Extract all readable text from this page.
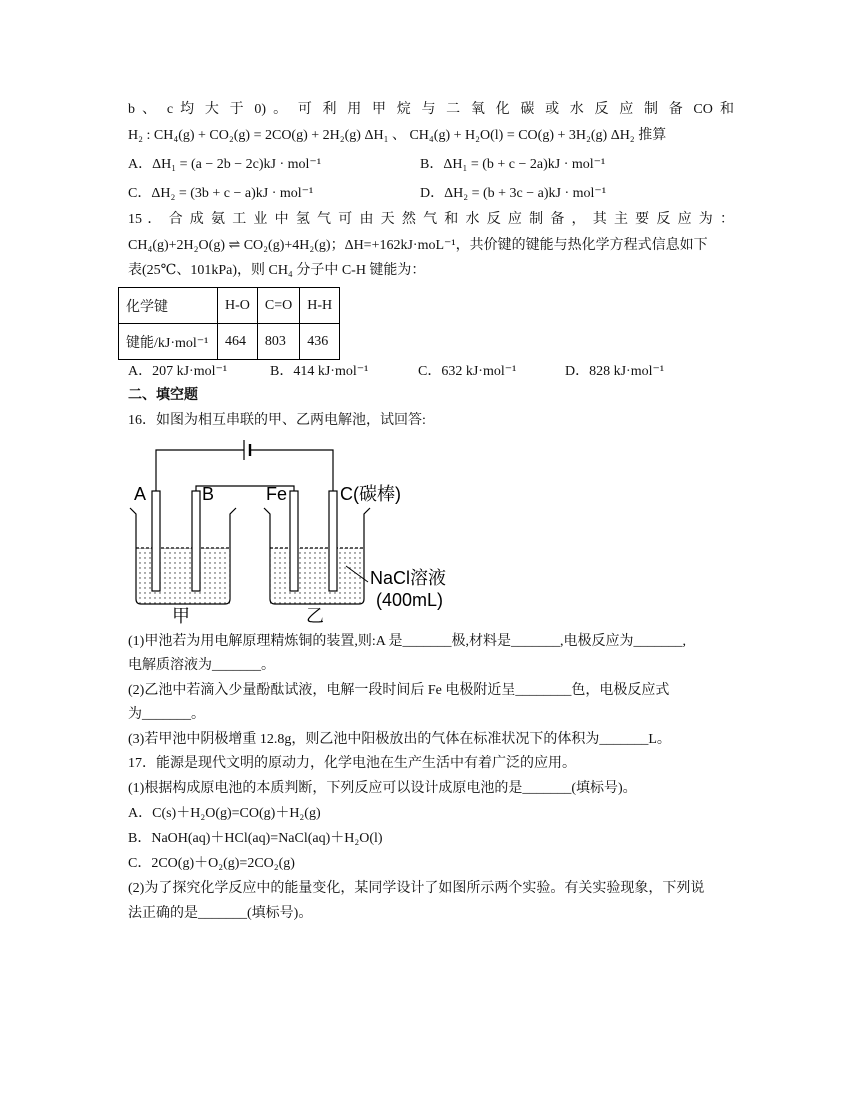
b 、 c 均 大 于 0) 。 可 利 用 甲 烷 与 二 氧 化 碳 或 水 反 应 制 备 CO 和
H₂ : CH₄(g) + CO₂(g) = 2CO(g) + 2H₂(g) ΔH₁ 、 CH₄(g) + H₂O(l) = CO(g) + 3H₂(g) ΔH₂ 推算
A．ΔH₁ = (a − 2b − 2c)kJ · mol⁻¹	B．ΔH₁ = (b + c − 2a)kJ · mol⁻¹
C．ΔH₂ = (3b + c − a)kJ · mol⁻¹	D．ΔH₂ = (b + 3c − a)kJ · mol⁻¹
15 ． 合 成 氨 工 业 中 氢 气 可 由 天 然 气 和 水 反 应 制 备 ， 其 主 要 反 应 为 ：
CH₄(g)+2H₂O(g) ⇌ CO₂(g)+4H₂(g)；ΔH=+162kJ·moL⁻¹，共价键的键能与热化学方程式信息如下
表(25℃、101kPa)，则 CH₄ 分子中 C-H 键能为：
化学键	H-O	C=O	H-H
键能/kJ·mol⁻¹	464	803	436
A．207 kJ·mol⁻¹	B．414 kJ·mol⁻¹	C．632 kJ·mol⁻¹	D．828 kJ·mol⁻¹
二、填空题
16．如图为相互串联的甲、乙两电解池，试回答:
A	B	Fe	C(碳棒)
甲	乙
NaCl溶液
(400mL)
(1)甲池若为用电解原理精炼铜的装置,则:A 是_______极,材料是_______,电极反应为_______,
电解质溶液为_______。
(2)乙池中若滴入少量酚酞试液，电解一段时间后 Fe 电极附近呈________色，电极反应式
为_______。
(3)若甲池中阴极增重 12.8g，则乙池中阳极放出的气体在标准状况下的体积为_______L。
17．能源是现代文明的原动力，化学电池在生产生活中有着广泛的应用。
(1)根据构成原电池的本质判断，下列反应可以设计成原电池的是_______(填标号)。
A．C(s)＋H₂O(g)=CO(g)＋H₂(g)
B．NaOH(aq)＋HCl(aq)=NaCl(aq)＋H₂O(l)
C．2CO(g)＋O₂(g)=2CO₂(g)
(2)为了探究化学反应中的能量变化，某同学设计了如图所示两个实验。有关实验现象，下列说
法正确的是_______(填标号)。
